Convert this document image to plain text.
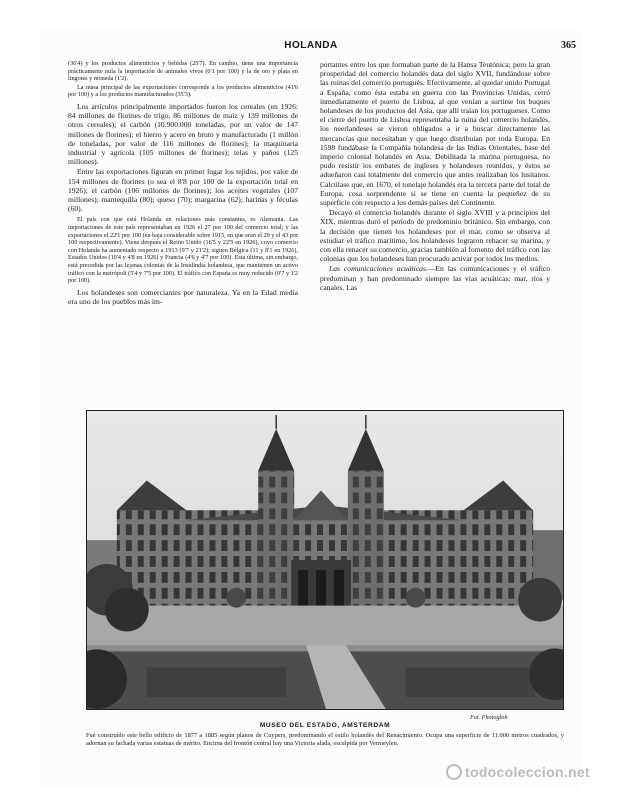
HOLANDA	365

(36'4) y los productos alimenticios y bebidas (25'7). En cambio, tiene una importancia prácticamente nula la importación de animales vivos (0'1 por 100) y la de oro y plata en lingotes y moneda (1'2).

La masa principal de las exportaciones corresponde a los productos alimenticios (41'6 por 100) y a los productos manufacturados (35'3).

Los artículos principalmente importados fueron los cereales (en 1926: 84 millones de florines de trigo, 86 millones de maíz y 139 millones de otros cereales); el carbón (10.900.000 toneladas, por un valor de 147 millones de florines); el hierro y acero en bruto y manufacturado (1 millón de toneladas, por valor de 116 millones de florines); la maquinaria industrial y agrícola (105 millones de florines); telas y paños (125 millones).

Entre las exportaciones figuran en primer lugar los tejidos, por valor de 154 millones de florines (o sea el 8'8 por 100 de la exportación total en 1926); el carbón (106 millones de florines); los aceites vegetales (107 millones); mantequilla (80); queso (70); margarina (62); harinas y féculas (60).

El país con que está Holanda en relaciones más constantes, es Alemania. Las importaciones de este país representaban en 1926 el 27 por 100 del comercio total; y las exportaciones el 22'1 por 100 (en baja considerable sobre 1915, en que eran el 29 y el 43 por 100 respectivamente). Viene después el Reino Unido (16'5 y 22'5 en 1926), cuyo comercio con Holanda ha aumentado respecto a 1913 (9'7 y 21'2); siguen Bélgica (11 y 8'1 en 1926), Estados Unidos (10'4 y 4'8 en 1926) y Francia (4'6 y 4'7 por 100). Esta última, sin embargo, está precedida por las lejanas colonias de la Insulindia holandesa, que mantienen un activo tráfico con la metrópoli (5'4 y 7'5 por 100). El tráfico con España es muy reducido (0'7 y 1'2 por 100).

Los holandeses son comerciantes por naturaleza. Ya en la Edad media era uno de los pueblos más im-

portantes entre los que formaban parte de la Hansa Teutónica; pero la gran prosperidad del comercio holandés data del siglo XVII, fundándose sobre las ruinas del comercio portugués. Efectivamente, al quedar unido Portugal a España, como ésta estaba en guerra con las Provincias Unidas, cerró inmediatamente el puerto de Lisboa, al que venían a surtirse los buques holandeses de los productos del Asia, que allí traían los portugueses. Como el cierre del puerto de Lisboa representaba la ruina del comercio holandés, los neerlandeses se vieron obligados a ir a buscar directamente las mercancías que necesitaban y que luego distribuían por toda Europa. En 1598 fundábase la Compañía holandesa de las Indias Orientales, base del imperio colonial holandés en Asia. Debilitada la marina portuguesa, no pudo resistir los embates de ingleses y holandeses reunidos, y éstos se adueñaron casi totalmente del comercio que antes realizaban los lusitanos. Calcúlase que, en 1670, el tonelaje holandés era la tercera parte del total de Europa, cosa sorprendente si se tiene en cuenta la pequeñez de su superficie con respecto a los demás países del Continente.

Decayó el comercio holandés durante el siglo XVIII y a principios del XIX, mientras duró el período de predominio británico. Sin embargo, con la decisión que tienen los holandeses por el mar, como se observa al estudiar el tráfico marítimo, los holandeses lograron rehacer su marina, y con ella renacer su comercio, gracias también al fomento del tráfico con las colonias que los holandeses han procurado activar por todos los medios.

Las comunicaciones acuáticas.—En las comunicaciones y el tráfico predominan y han predominado siempre las vías acuáticas: mar, ríos y canales. Las

Fot. Photoglob
MUSEO DEL ESTADO, AMSTERDAM
Fué construído este bello edificio de 1877 a 1885 según planos de Cuypers, predominando el estilo holandés del Renacimiento. Ocupa una superficie de 11.000 metros cuadrados, y adornan su fachada varias estatuas de mérito. Encima del frontón central hay una Victoria alada, esculpida por Vermeylen.
todocoleccion.net
